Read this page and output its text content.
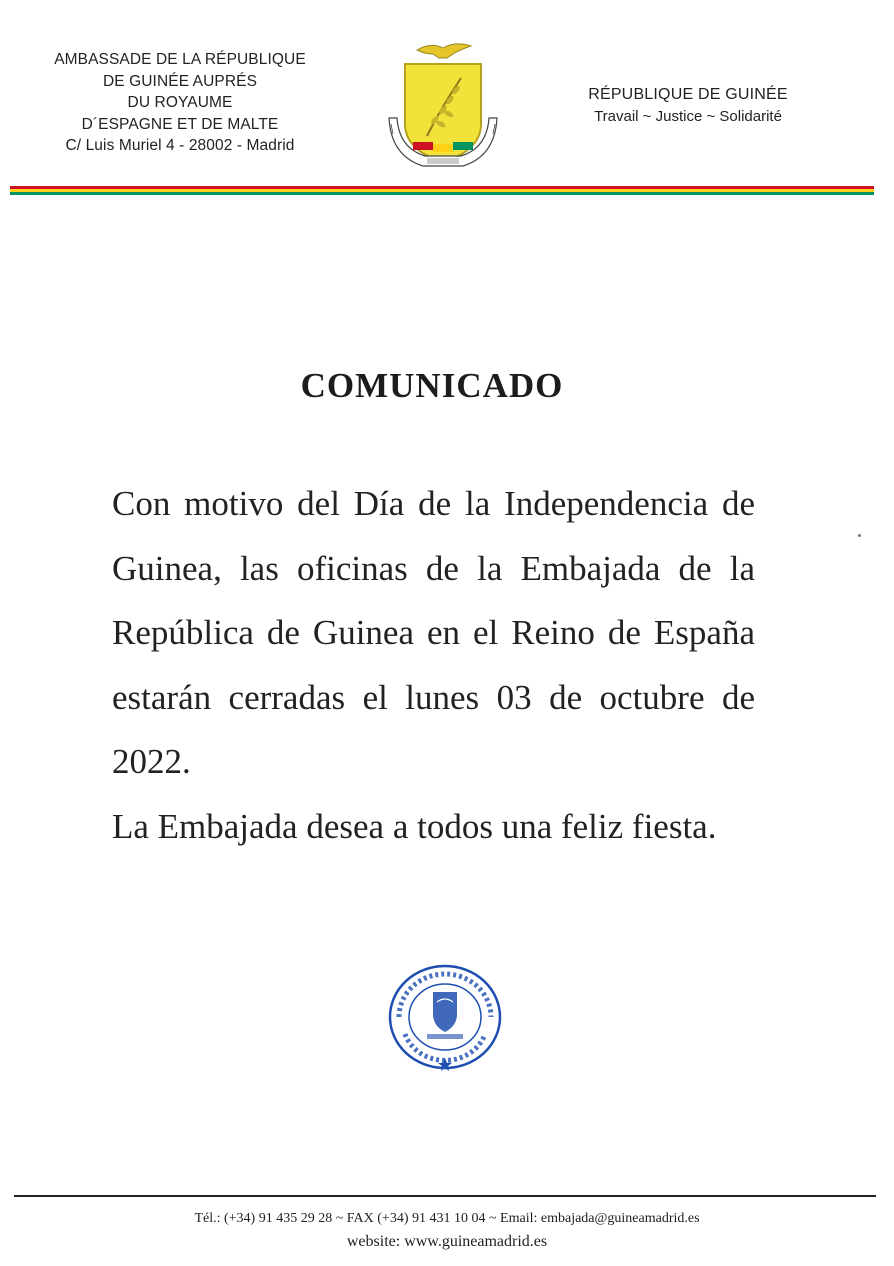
AMBASSADE DE LA RÉPUBLIQUE
DE GUINÉE AUPRÉS
DU ROYAUME
D´ESPAGNE ET DE MALTE
C/ Luis Muriel 4 - 28002 - Madrid
RÉPUBLIQUE DE GUINÉE
Travail ~ Justice ~ Solidarité
COMUNICADO

Con motivo del Día de la Independencia de Guinea, las oficinas de la Embajada de la República de Guinea en el Reino de España estarán cerradas el lunes 03 de octubre de 2022.

La Embajada desea a todos una feliz fiesta.

Tél.: (+34) 91 435 29 28 ~ FAX (+34) 91 431 10 04 ~ Email: embajada@guineamadrid.es
website: www.guineamadrid.es
